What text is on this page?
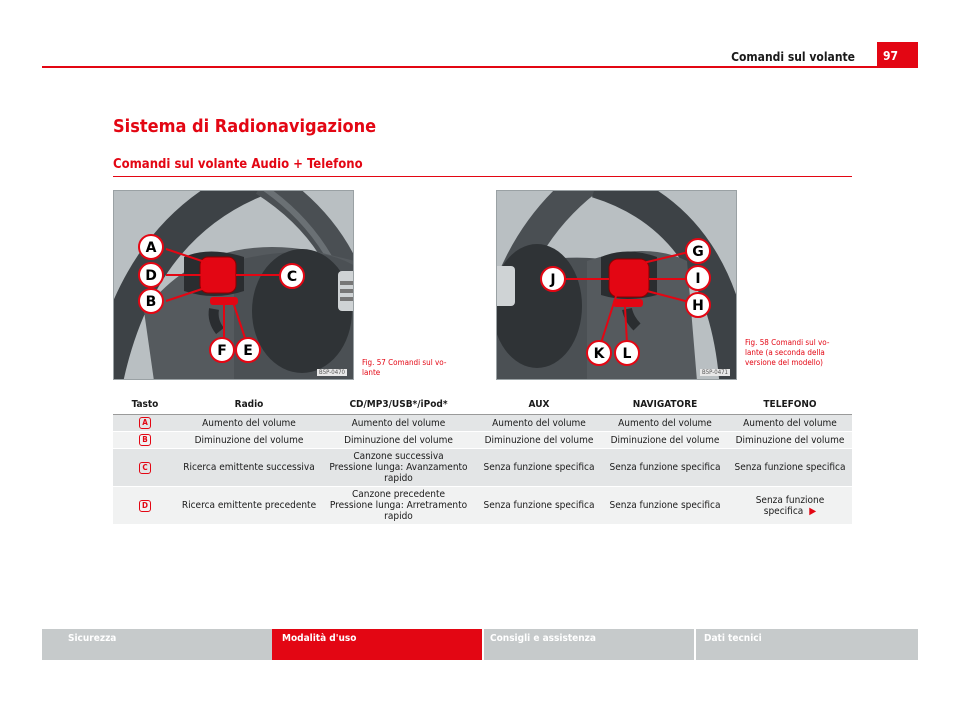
Comandi sul volante	97
Sistema di Radionavigazione
Comandi sul volante Audio + Telefono
A
D
B
C
F E
B5P-0470
Fig. 57 Comandi sul vo-
lante
G
J	I
H
K L
B5P-0471
Fig. 58 Comandi sul vo-
lante (a seconda della
versione del modello)
Tasto	Radio	CD/MP3/USB*/iPod*	AUX	NAVIGATORE	TELEFONO
A	Aumento del volume	Aumento del volume	Aumento del volume	Aumento del volume	Aumento del volume
B	Diminuzione del volume	Diminuzione del volume	Diminuzione del volume	Diminuzione del volume	Diminuzione del volume
C	Ricerca emittente successiva	Canzone successiva
Pressione lunga: Avanzamento
rapido	Senza funzione specifica	Senza funzione specifica	Senza funzione specifica
D	Ricerca emittente precedente	Canzone precedente
Pressione lunga: Arretramento
rapido	Senza funzione specifica	Senza funzione specifica	Senza funzione specifica ▶
Sicurezza	Modalità d'uso	Consigli e assistenza	Dati tecnici
